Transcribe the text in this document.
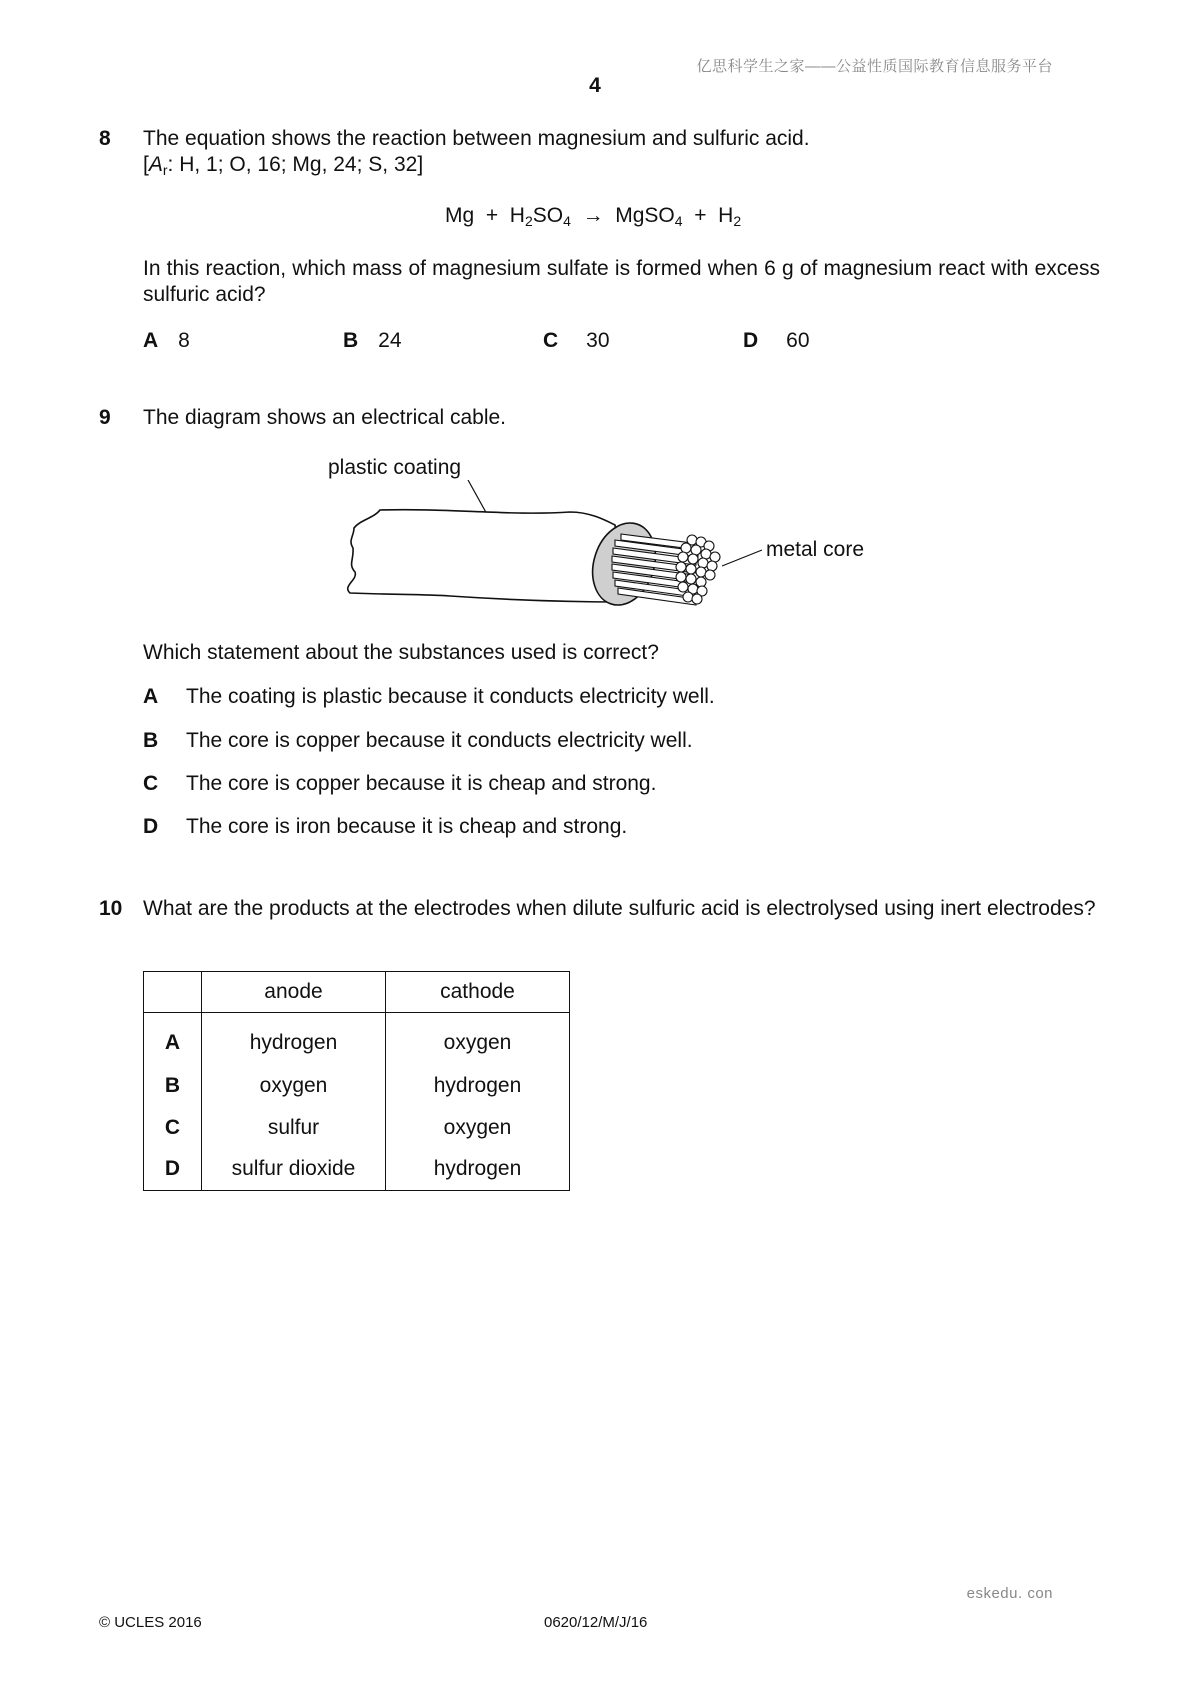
亿思科学生之家——公益性质国际教育信息服务平台
4
8 The equation shows the reaction between magnesium and sulfuric acid.
[$A_r$: H, 1; O, 16; Mg, 24; S, 32]
$Mg + H_2SO_4$ → MgSO$_4$ + $H_2$
In this reaction, which mass of magnesium sulfate is formed when 6 g of magnesium react with excess sulfuric acid?
A 8	B 24	C 30	D 60
9 The diagram shows an electrical cable.
plastic coating
metal core
Which statement about the substances used is correct?
A The coating is plastic because it conducts electricity well.
B The core is copper because it conducts electricity well.
C The core is copper because it is cheap and strong.
D The core is iron because it is cheap and strong.
10 What are the products at the electrodes when dilute sulfuric acid is electrolysed using inert electrodes?
	anode	cathode
A	hydrogen	oxygen
B	oxygen	hydrogen
C	sulfur	oxygen
D	sulfur dioxide	hydrogen
eskedu. con
© UCLES 2016	0620/12/M/J/16
